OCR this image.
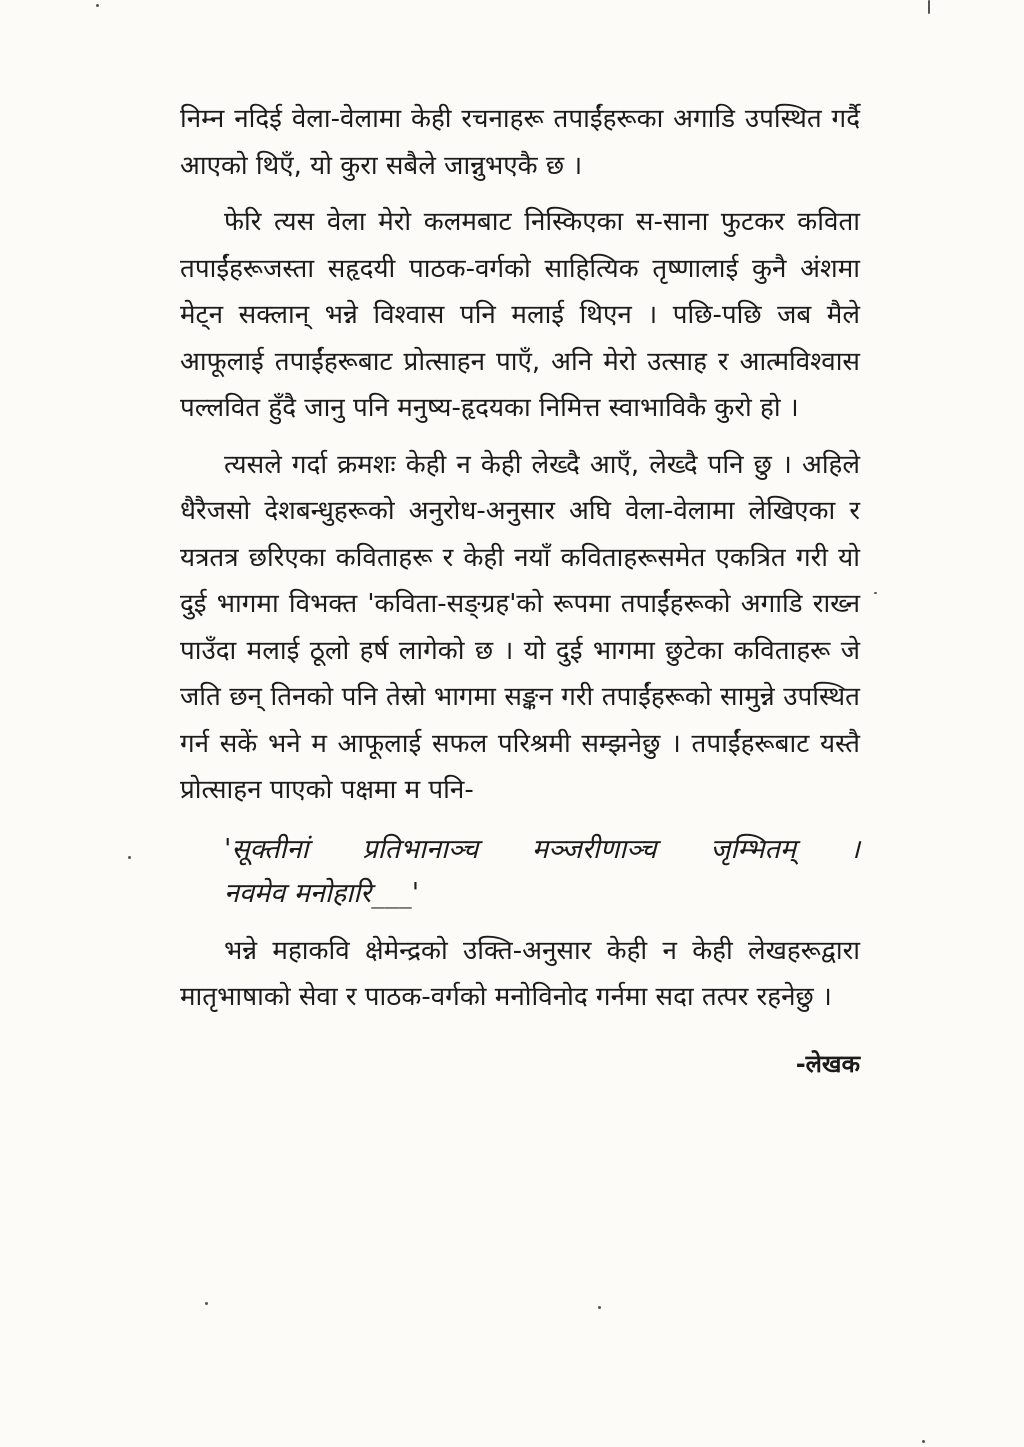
निम्न नदिई वेला-वेलामा केही रचनाहरू तपाईंहरूका अगाडि उपस्थित गर्दै आएको थिएँ, यो कुरा सबैले जान्नुभएकै छ ।

फेरि त्यस वेला मेरो कलमबाट निस्किएका स-साना फुटकर कविता तपाईंहरूजस्ता सहृदयी पाठक-वर्गको साहित्यिक तृष्णालाई कुनै अंशमा मेट्न सक्लान् भन्ने विश्वास पनि मलाई थिएन । पछि-पछि जब मैले आफूलाई तपाईंहरूबाट प्रोत्साहन पाएँ, अनि मेरो उत्साह र आत्मविश्वास पल्लवित हुँदै जानु पनि मनुष्य-हृदयका निमित्त स्वाभाविकै कुरो हो ।

त्यसले गर्दा क्रमशः केही न केही लेख्दै आएँ, लेख्दै पनि छु । अहिले धैरैजसो देशबन्धुहरूको अनुरोध-अनुसार अघि वेला-वेलामा लेखिएका र यत्रतत्र छरिएका कविताहरू र केही नयाँ कविताहरूसमेत एकत्रित गरी यो दुई भागमा विभक्त 'कविता-सङ्ग्रह'को रूपमा तपाईंहरूको अगाडि राख्न पाउँदा मलाई ठूलो हर्ष लागेको छ । यो दुई भागमा छुटेका कविताहरू जे जति छन् तिनको पनि तेस्रो भागमा सङ्कन गरी तपाईंहरूको सामुन्ने उपस्थित गर्न सकें भने म आफूलाई सफल परिश्रमी सम्झनेछु । तपाईंहरूबाट यस्तै प्रोत्साहन पाएको पक्षमा म पनि-

'सूक्तीनां प्रतिभानाञ्च मञ्जरीणाञ्च जृम्भितम् ।
नवमेव मनोहारि___'

भन्ने महाकवि क्षेमेन्द्रको उक्ति-अनुसार केही न केही लेखहरूद्वारा मातृभाषाको सेवा र पाठक-वर्गको मनोविनोद गर्नमा सदा तत्पर रहनेछु ।

-लेखक
